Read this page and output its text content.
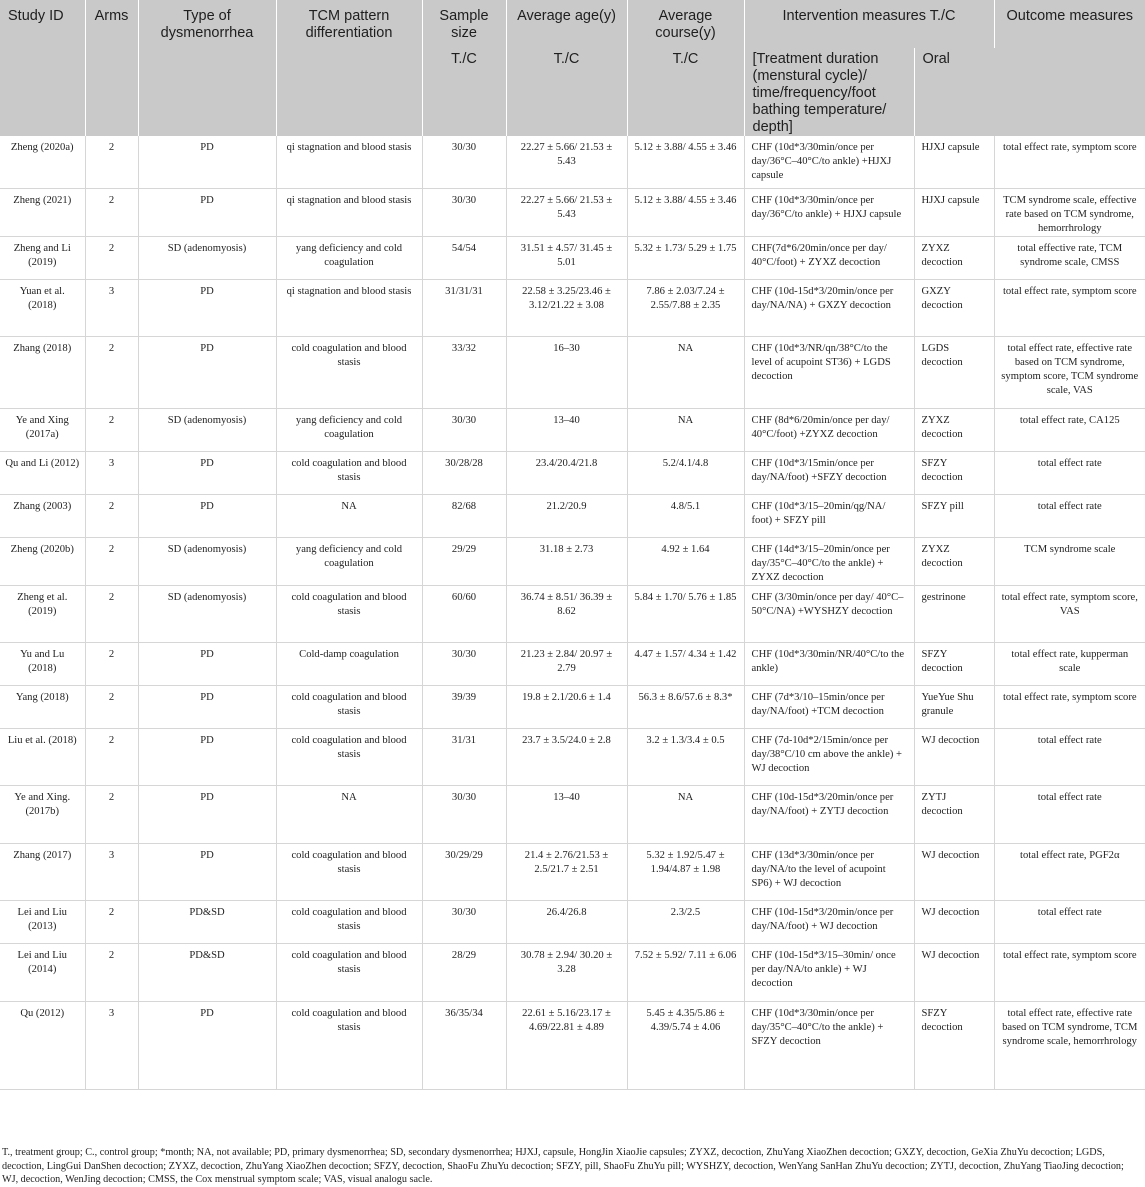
Study ID	Arms	Type of dysmenorrhea	TCM pattern differentiation	Sample size	Average age(y)	Average course(y)	Intervention measures T./C		Outcome measures
				T./C	T./C	T./C	[Treatment duration (menstural cycle)/ time/frequency/foot bathing temperature/ depth]	Oral	
Zheng (2020a)	2	PD	qi stagnation and blood stasis	30/30	22.27 ± 5.66/ 21.53 ± 5.43	5.12 ± 3.88/ 4.55 ± 3.46	CHF (10d*3/30min/once per day/36°C–40°C/to ankle) +HJXJ capsule	HJXJ capsule	total effect rate, symptom score
Zheng (2021)	2	PD	qi stagnation and blood stasis	30/30	22.27 ± 5.66/ 21.53 ± 5.43	5.12 ± 3.88/ 4.55 ± 3.46	CHF (10d*3/30min/once per day/36°C/to ankle) + HJXJ capsule	HJXJ capsule	TCM syndrome scale, effective rate based on TCM syndrome, hemorrhrology
Zheng and Li (2019)	2	SD (adenomyosis)	yang deficiency and cold coagulation	54/54	31.51 ± 4.57/ 31.45 ± 5.01	5.32 ± 1.73/ 5.29 ± 1.75	CHF(7d*6/20min/once per day/ 40°C/foot) + ZYXZ decoction	ZYXZ decoction	total effective rate, TCM syndrome scale, CMSS
Yuan et al. (2018)	3	PD	qi stagnation and blood stasis	31/31/31	22.58 ± 3.25/23.46 ± 3.12/21.22 ± 3.08	7.86 ± 2.03/7.24 ± 2.55/7.88 ± 2.35	CHF (10d-15d*3/20min/once per day/NA/NA) + GXZY decoction	GXZY decoction	total effect rate, symptom score
Zhang (2018)	2	PD	cold coagulation and blood stasis	33/32	16–30	NA	CHF (10d*3/NR/qn/38°C/to the level of acupoint ST36) + LGDS decoction	LGDS decoction	total effect rate, effective rate based on TCM syndrome, symptom score, TCM syndrome scale, VAS
Ye and Xing (2017a)	2	SD (adenomyosis)	yang deficiency and cold coagulation	30/30	13–40	NA	CHF (8d*6/20min/once per day/ 40°C/foot) +ZYXZ decoction	ZYXZ decoction	total effect rate, CA125
Qu and Li (2012)	3	PD	cold coagulation and blood stasis	30/28/28	23.4/20.4/21.8	5.2/4.1/4.8	CHF (10d*3/15min/once per day/NA/foot) +SFZY decoction	SFZY decoction	total effect rate
Zhang (2003)	2	PD	NA	82/68	21.2/20.9	4.8/5.1	CHF (10d*3/15–20min/qg/NA/ foot) + SFZY pill	SFZY pill	total effect rate
Zheng (2020b)	2	SD (adenomyosis)	yang deficiency and cold coagulation	29/29	31.18 ± 2.73	4.92 ± 1.64	CHF (14d*3/15–20min/once per day/35°C–40°C/to the ankle) + ZYXZ decoction	ZYXZ decoction	TCM syndrome scale
Zheng et al. (2019)	2	SD (adenomyosis)	cold coagulation and blood stasis	60/60	36.74 ± 8.51/ 36.39 ± 8.62	5.84 ± 1.70/ 5.76 ± 1.85	CHF (3/30min/once per day/ 40°C–50°C/NA) +WYSHZY decoction	gestrinone	total effect rate, symptom score, VAS
Yu and Lu (2018)	2	PD	Cold-damp coagulation	30/30	21.23 ± 2.84/ 20.97 ± 2.79	4.47 ± 1.57/ 4.34 ± 1.42	CHF (10d*3/30min/NR/40°C/to the ankle)	SFZY decoction	total effect rate, kupperman scale
Yang (2018)	2	PD	cold coagulation and blood stasis	39/39	19.8 ± 2.1/20.6 ± 1.4	56.3 ± 8.6/57.6 ± 8.3*	CHF (7d*3/10–15min/once per day/NA/foot) +TCM decoction	YueYue Shu granule	total effect rate, symptom score
Liu et al. (2018)	2	PD	cold coagulation and blood stasis	31/31	23.7 ± 3.5/24.0 ± 2.8	3.2 ± 1.3/3.4 ± 0.5	CHF (7d-10d*2/15min/once per day/38°C/10 cm above the ankle) + WJ decoction	WJ decoction	total effect rate
Ye and Xing. (2017b)	2	PD	NA	30/30	13–40	NA	CHF (10d-15d*3/20min/once per day/NA/foot) + ZYTJ decoction	ZYTJ decoction	total effect rate
Zhang (2017)	3	PD	cold coagulation and blood stasis	30/29/29	21.4 ± 2.76/21.53 ± 2.5/21.7 ± 2.51	5.32 ± 1.92/5.47 ± 1.94/4.87 ± 1.98	CHF (13d*3/30min/once per day/NA/to the level of acupoint SP6) + WJ decoction	WJ decoction	total effect rate, PGF2α
Lei and Liu (2013)	2	PD&SD	cold coagulation and blood stasis	30/30	26.4/26.8	2.3/2.5	CHF (10d-15d*3/20min/once per day/NA/foot) + WJ decoction	WJ decoction	total effect rate
Lei and Liu (2014)	2	PD&SD	cold coagulation and blood stasis	28/29	30.78 ± 2.94/ 30.20 ± 3.28	7.52 ± 5.92/ 7.11 ± 6.06	CHF (10d-15d*3/15–30min/ once per day/NA/to ankle) + WJ decoction	WJ decoction	total effect rate, symptom score
Qu (2012)	3	PD	cold coagulation and blood stasis	36/35/34	22.61 ± 5.16/23.17 ± 4.69/22.81 ± 4.89	5.45 ± 4.35/5.86 ± 4.39/5.74 ± 4.06	CHF (10d*3/30min/once per day/35°C–40°C/to the ankle) + SFZY decoction	SFZY decoction	total effect rate, effective rate based on TCM syndrome, TCM syndrome scale, hemorrhrology
T., treatment group; C., control group; *month; NA, not available; PD, primary dysmenorrhea; SD, secondary dysmenorrhea; HJXJ, capsule, HongJin XiaoJie capsules; ZYXZ, decoction, ZhuYang XiaoZhen decoction; GXZY, decoction, GeXia ZhuYu decoction; LGDS, decoction, LingGui DanShen decoction; ZYXZ, decoction, ZhuYang XiaoZhen decoction; SFZY, decoction, ShaoFu ZhuYu decoction; SFZY, pill, ShaoFu ZhuYu pill; WYSHZY, decoction, WenYang SanHan ZhuYu decoction; ZYTJ, decoction, ZhuYang TiaoJing decoction; WJ, decoction, WenJing decoction; CMSS, the Cox menstrual symptom scale; VAS, visual analogu sacle.
